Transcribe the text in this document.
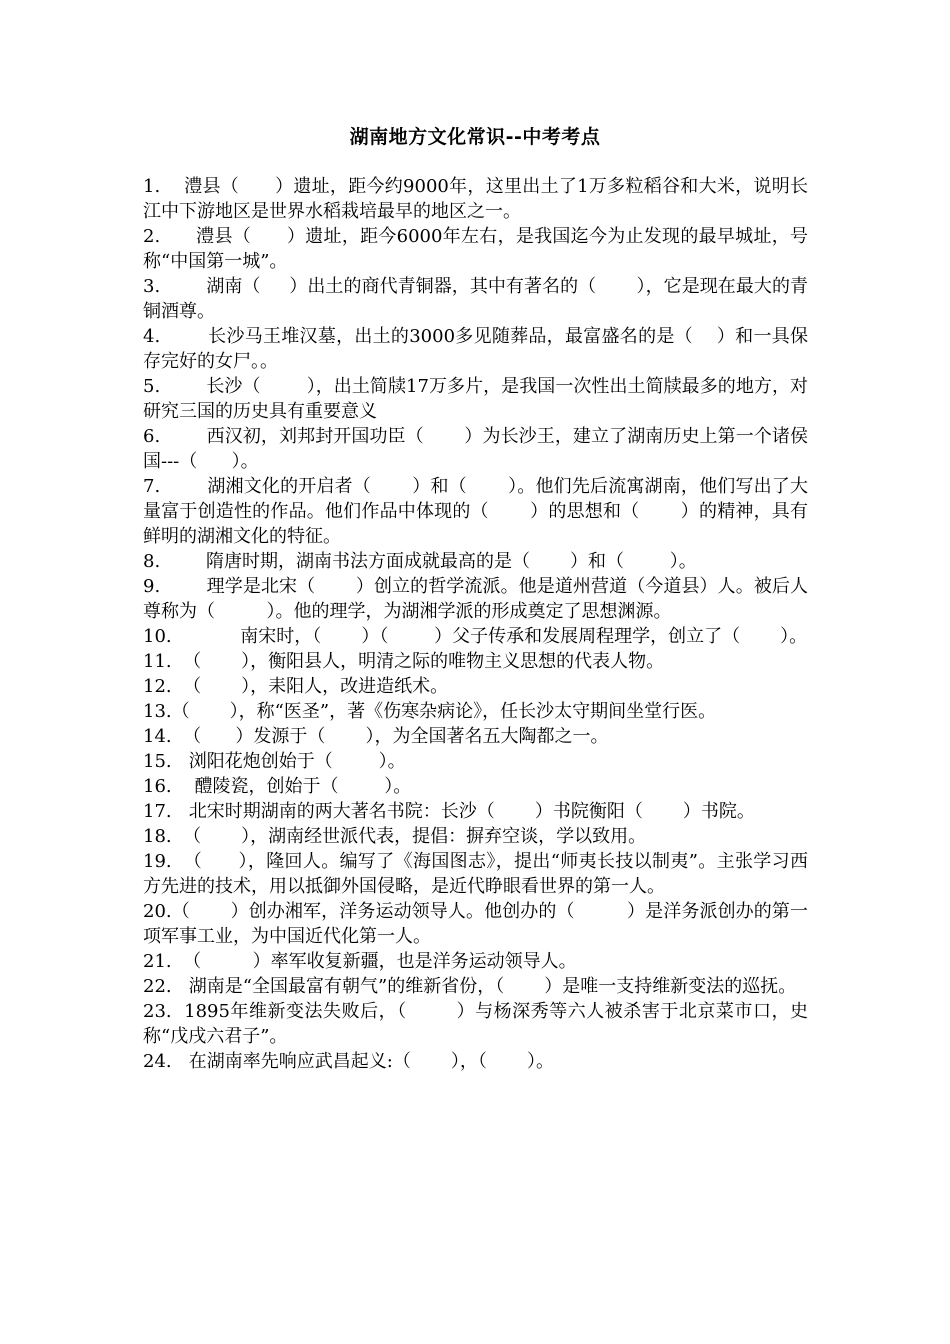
湖南地方文化常识--中考考点
1.    澧县（      ）遗址，距今约9000年，这里出土了1万多粒稻谷和大米，说明长江中下游地区是世界水稻栽培最早的地区之一。
2.      澧县（      ）遗址，距今6000年左右，是我国迄今为止发现的最早城址，号称“中国第一城”。
3.        湖南（     ）出土的商代青铜器，其中有著名的（       ），它是现在最大的青铜酒尊。
4.        长沙马王堆汉墓，出土的3000多见随葬品，最富盛名的是（    ）和一具保存完好的女尸。。
5.        长沙（        ），出土简牍17万多片，是我国一次性出土简牍最多的地方，对研究三国的历史具有重要意义
6.        西汉初，刘邦封开国功臣（       ）为长沙王，建立了湖南历史上第一个诸侯国---（      ）。
7.        湖湘文化的开启者（       ）和（       ）。他们先后流寓湖南，他们写出了大量富于创造性的作品。他们作品中体现的（       ）的思想和（       ）的精神，具有鲜明的湖湘文化的特征。
8.        隋唐时期，湖南书法方面成就最高的是（       ）和（        ）。
9.        理学是北宋（       ）创立的哲学流派。他是道州营道（今道县）人。被后人尊称为（         ）。他的理学，为湖湘学派的形成奠定了思想渊源。
10.            南宋时，（       ）（        ）父子传承和发展周程理学，创立了（       ）。
11.  （       ），衡阳县人，明清之际的唯物主义思想的代表人物。
12.  （       ），耒阳人，改进造纸术。
13.（       ），称“医圣”，著《伤寒杂病论》，任长沙太守期间坐堂行医。
14.  （      ）发源于（       ），为全国著名五大陶都之一。
15.   浏阳花炮创始于（        ）。
16.    醴陵瓷，创始于（        ）。
17.   北宋时期湖南的两大著名书院：长沙（       ）书院衡阳（       ）书院。
18.  （       ），湖南经世派代表，提倡：摒弃空谈，学以致用。
19.  （      ），隆回人。编写了《海国图志》，提出“师夷长技以制夷”。主张学习西方先进的技术，用以抵御外国侵略，是近代睁眼看世界的第一人。
20.（       ）创办湘军，洋务运动领导人。他创办的（         ）是洋务派创办的第一项军事工业，为中国近代化第一人。
21.  （         ）率军收复新疆，也是洋务运动领导人。
22.   湖南是“全国最富有朝气”的维新省份，（       ）是唯一支持维新变法的巡抚。
23.  1895年维新变法失败后，（        ）与杨深秀等六人被杀害于北京菜市口，史称“戊戌六君子”。
24.   在湖南率先响应武昌起义:（       ），（       ）。
